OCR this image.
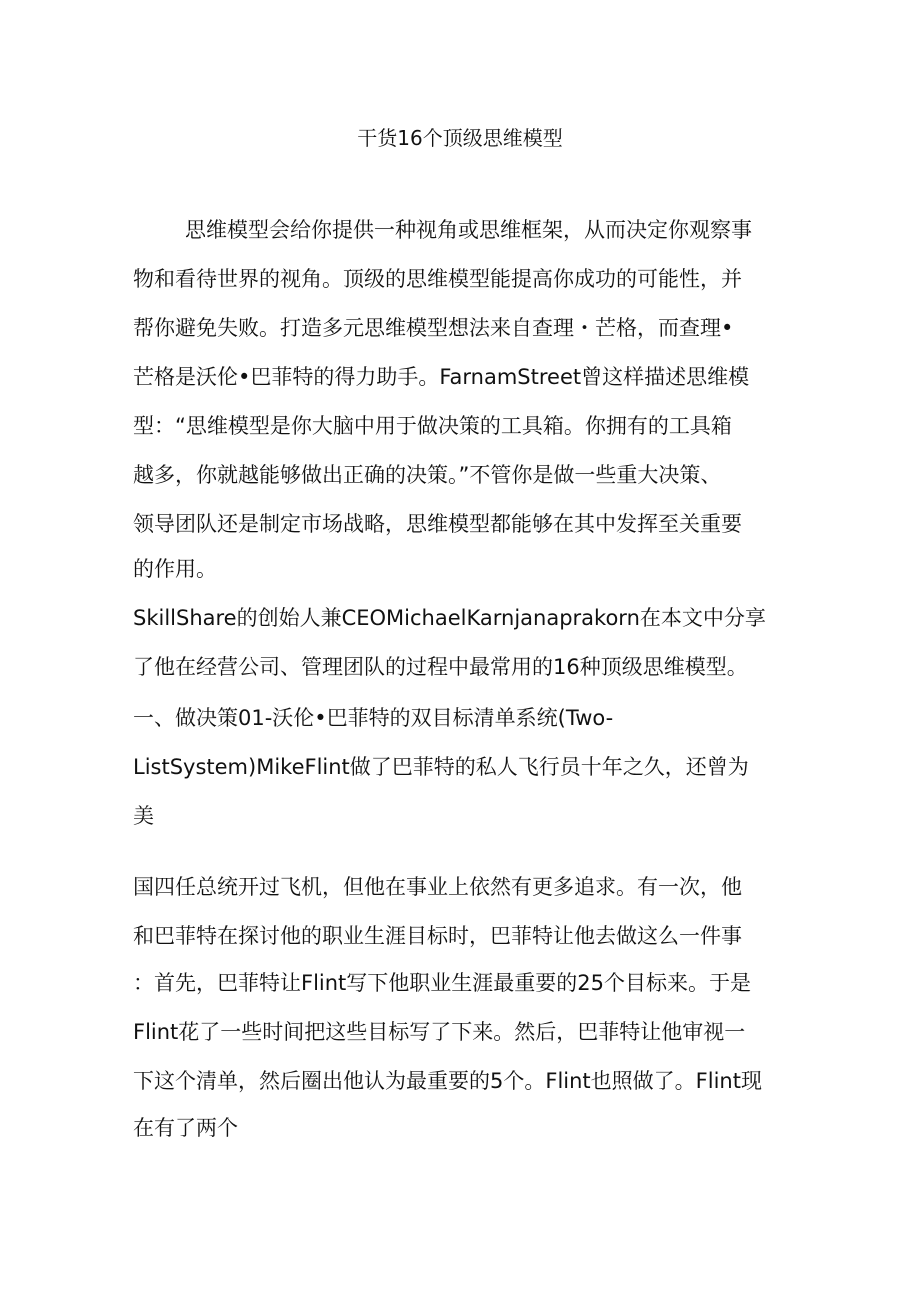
干货16个顶级思维模型
思维模型会给你提供一种视角或思维框架，从而决定你观察事
物和看待世界的视角。顶级的思维模型能提高你成功的可能性，并
帮你避免失败。打造多元思维模型想法来自查理・芒格，而查理•
芒格是沃伦•巴菲特的得力助手。FarnamStreet曾这样描述思维模
型：“思维模型是你大脑中用于做决策的工具箱。你拥有的工具箱
越多，你就越能够做出正确的决策。”不管你是做一些重大决策、
领导团队还是制定市场战略，思维模型都能够在其中发挥至关重要
的作用。
SkillShare的创始人兼CEOMichaelKarnjanaprakorn在本文中分享
了他在经营公司、管理团队的过程中最常用的16种顶级思维模型。
一、做决策01-沃伦•巴菲特的双目标清单系统(Two-
ListSystem)MikeFlint做了巴菲特的私人飞行员十年之久，还曾为
美
国四任总统开过飞机，但他在事业上依然有更多追求。有一次，他
和巴菲特在探讨他的职业生涯目标时，巴菲特让他去做这么一件事
：首先，巴菲特让Flint写下他职业生涯最重要的25个目标来。于是
Flint花了一些时间把这些目标写了下来。然后，巴菲特让他审视一
下这个清单，然后圈出他认为最重要的5个。Flint也照做了。Flint现
在有了两个
